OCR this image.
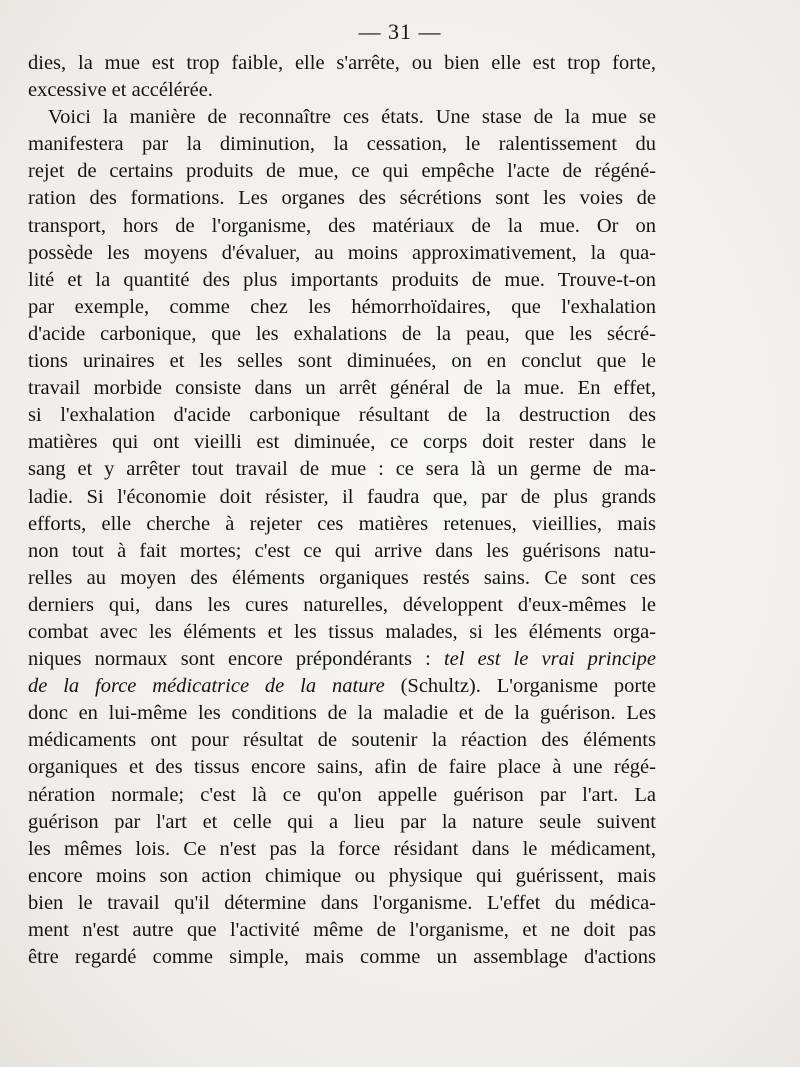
— 31 —
dies, la mue est trop faible, elle s'arrête, ou bien elle est trop forte,
excessive et accélérée.
Voici la manière de reconnaître ces états. Une stase de la mue se
manifestera par la diminution, la cessation, le ralentissement du
rejet de certains produits de mue, ce qui empêche l'acte de régéné-
ration des formations. Les organes des sécrétions sont les voies de
transport, hors de l'organisme, des matériaux de la mue. Or on
possède les moyens d'évaluer, au moins approximativement, la qua-
lité et la quantité des plus importants produits de mue. Trouve-t-on
par exemple, comme chez les hémorrhoïdaires, que l'exhalation
d'acide carbonique, que les exhalations de la peau, que les sécré-
tions urinaires et les selles sont diminuées, on en conclut que le
travail morbide consiste dans un arrêt général de la mue. En effet,
si l'exhalation d'acide carbonique résultant de la destruction des
matières qui ont vieilli est diminuée, ce corps doit rester dans le
sang et y arrêter tout travail de mue : ce sera là un germe de ma-
ladie. Si l'économie doit résister, il faudra que, par de plus grands
efforts, elle cherche à rejeter ces matières retenues, vieillies, mais
non tout à fait mortes; c'est ce qui arrive dans les guérisons natu-
relles au moyen des éléments organiques restés sains. Ce sont ces
derniers qui, dans les cures naturelles, développent d'eux-mêmes le
combat avec les éléments et les tissus malades, si les éléments orga-
niques normaux sont encore prépondérants : tel est le vrai principe
de la force médicatrice de la nature (Schultz). L'organisme porte
donc en lui-même les conditions de la maladie et de la guérison. Les
médicaments ont pour résultat de soutenir la réaction des éléments
organiques et des tissus encore sains, afin de faire place à une régé-
nération normale; c'est là ce qu'on appelle guérison par l'art. La
guérison par l'art et celle qui a lieu par la nature seule suivent
les mêmes lois. Ce n'est pas la force résidant dans le médicament,
encore moins son action chimique ou physique qui guérissent, mais
bien le travail qu'il détermine dans l'organisme. L'effet du médica-
ment n'est autre que l'activité même de l'organisme, et ne doit pas
être regardé comme simple, mais comme un assemblage d'actions
